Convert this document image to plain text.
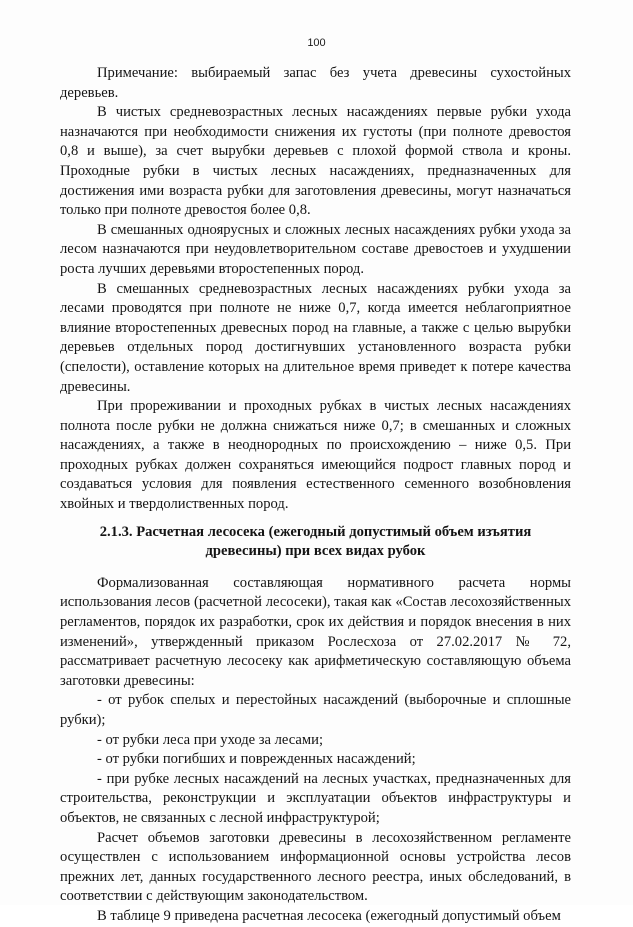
100

Примечание: выбираемый запас без учета древесины сухостойных деревьев.

В чистых средневозрастных лесных насаждениях первые рубки ухода назначаются при необходимости снижения их густоты (при полноте древостоя 0,8 и выше), за счет вырубки деревьев с плохой формой ствола и кроны. Проходные рубки в чистых лесных насаждениях, предназначенных для достижения ими возраста рубки для заготовления древесины, могут назначаться только при полноте древостоя более 0,8.

В смешанных одноярусных и сложных лесных насаждениях рубки ухода за лесом назначаются при неудовлетворительном составе древостоев и ухудшении роста лучших деревьями второстепенных пород.

В смешанных средневозрастных лесных насаждениях рубки ухода за лесами проводятся при полноте не ниже 0,7, когда имеется неблагоприятное влияние второстепенных древесных пород на главные, а также с целью вырубки деревьев отдельных пород достигнувших установленного возраста рубки (спелости), оставление которых на длительное время приведет к потере качества древесины.

При прореживании и проходных рубках в чистых лесных насаждениях полнота после рубки не должна снижаться ниже 0,7; в смешанных и сложных насаждениях, а также в неоднородных по происхождению – ниже 0,5. При проходных рубках должен сохраняться имеющийся подрост главных пород и создаваться условия для появления естественного семенного возобновления хвойных и твердолиственных пород.

2.1.3. Расчетная лесосека (ежегодный допустимый объем изъятия древесины) при всех видах рубок

Формализованная составляющая нормативного расчета нормы использования лесов (расчетной лесосеки), такая как «Состав лесохозяйственных регламентов, порядок их разработки, срок их действия и порядок внесения в них изменений», утвержденный приказом Рослесхоза от 27.02.2017 № 72, рассматривает расчетную лесосеку как арифметическую составляющую объема заготовки древесины:

- от рубок спелых и перестойных насаждений (выборочные и сплошные рубки);

- от рубки леса при уходе за лесами;

- от рубки погибших и поврежденных насаждений;

- при рубке лесных насаждений на лесных участках, предназначенных для строительства, реконструкции и эксплуатации объектов инфраструктуры и объектов, не связанных с лесной инфраструктурой;

Расчет объемов заготовки древесины в лесохозяйственном регламенте осуществлен с использованием информационной основы устройства лесов прежних лет, данных государственного лесного реестра, иных обследований, в соответствии с действующим законодательством.

В таблице 9 приведена расчетная лесосека (ежегодный допустимый объем
